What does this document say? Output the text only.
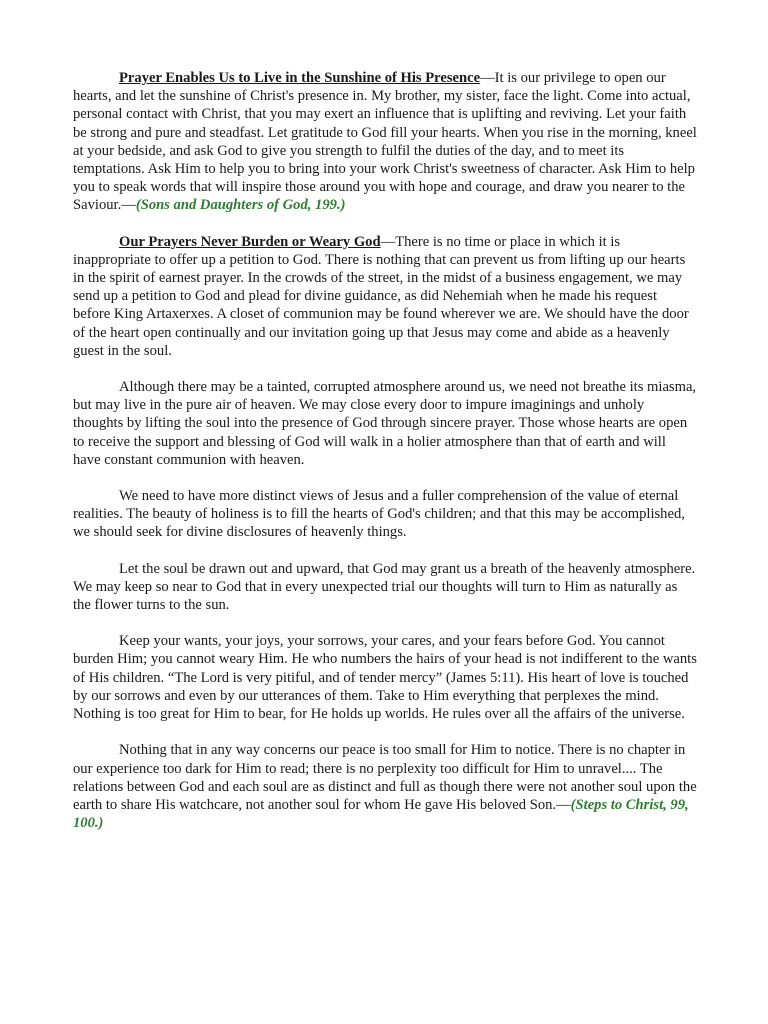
Prayer Enables Us to Live in the Sunshine of His Presence—It is our privilege to open our hearts, and let the sunshine of Christ's presence in. My brother, my sister, face the light. Come into actual, personal contact with Christ, that you may exert an influence that is uplifting and reviving. Let your faith be strong and pure and steadfast. Let gratitude to God fill your hearts. When you rise in the morning, kneel at your bedside, and ask God to give you strength to fulfil the duties of the day, and to meet its temptations. Ask Him to help you to bring into your work Christ's sweetness of character. Ask Him to help you to speak words that will inspire those around you with hope and courage, and draw you nearer to the Saviour.—(Sons and Daughters of God, 199.)

Our Prayers Never Burden or Weary God—There is no time or place in which it is inappropriate to offer up a petition to God. There is nothing that can prevent us from lifting up our hearts in the spirit of earnest prayer. In the crowds of the street, in the midst of a business engagement, we may send up a petition to God and plead for divine guidance, as did Nehemiah when he made his request before King Artaxerxes. A closet of communion may be found wherever we are. We should have the door of the heart open continually and our invitation going up that Jesus may come and abide as a heavenly guest in the soul.

Although there may be a tainted, corrupted atmosphere around us, we need not breathe its miasma, but may live in the pure air of heaven. We may close every door to impure imaginings and unholy thoughts by lifting the soul into the presence of God through sincere prayer. Those whose hearts are open to receive the support and blessing of God will walk in a holier atmosphere than that of earth and will have constant communion with heaven.

We need to have more distinct views of Jesus and a fuller comprehension of the value of eternal realities. The beauty of holiness is to fill the hearts of God's children; and that this may be accomplished, we should seek for divine disclosures of heavenly things.

Let the soul be drawn out and upward, that God may grant us a breath of the heavenly atmosphere. We may keep so near to God that in every unexpected trial our thoughts will turn to Him as naturally as the flower turns to the sun.

Keep your wants, your joys, your sorrows, your cares, and your fears before God. You cannot burden Him; you cannot weary Him. He who numbers the hairs of your head is not indifferent to the wants of His children. “The Lord is very pitiful, and of tender mercy” (James 5:11). His heart of love is touched by our sorrows and even by our utterances of them. Take to Him everything that perplexes the mind. Nothing is too great for Him to bear, for He holds up worlds. He rules over all the affairs of the universe.

Nothing that in any way concerns our peace is too small for Him to notice. There is no chapter in our experience too dark for Him to read; there is no perplexity too difficult for Him to unravel.... The relations between God and each soul are as distinct and full as though there were not another soul upon the earth to share His watchcare, not another soul for whom He gave His beloved Son.—(Steps to Christ, 99, 100.)
